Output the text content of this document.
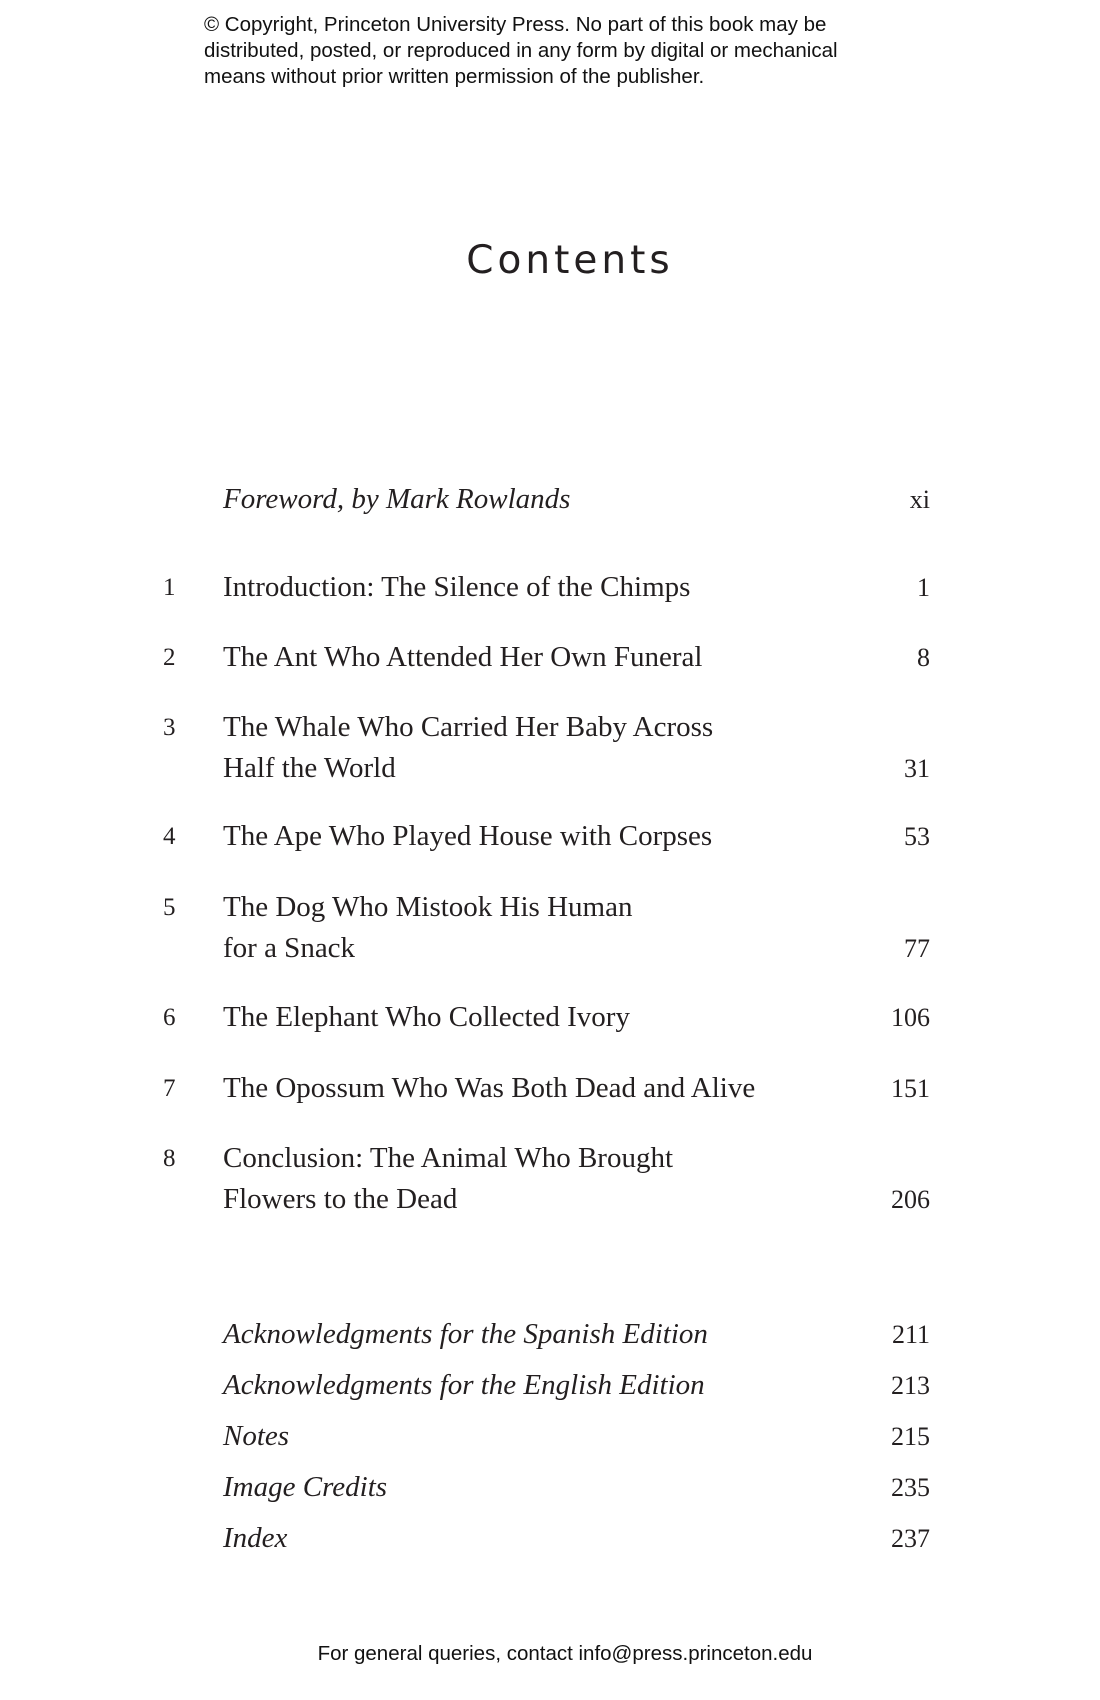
© Copyright, Princeton University Press. No part of this book may be
distributed, posted, or reproduced in any form by digital or mechanical
means without prior written permission of the publisher.
Contents
Foreword, by Mark Rowlands	xi
1 Introduction: The Silence of the Chimps	1
2 The Ant Who Attended Her Own Funeral	8
3 The Whale Who Carried Her Baby Across
Half the World	31
4 The Ape Who Played House with Corpses	53
5 The Dog Who Mistook His Human
for a Snack	77
6 The Elephant Who Collected Ivory	106
7 The Opossum Who Was Both Dead and Alive	151
8 Conclusion: The Animal Who Brought
Flowers to the Dead	206
Acknowledgments for the Spanish Edition	211
Acknowledgments for the English Edition	213
Notes	215
Image Credits	235
Index	237
For general queries, contact info@press.princeton.edu
